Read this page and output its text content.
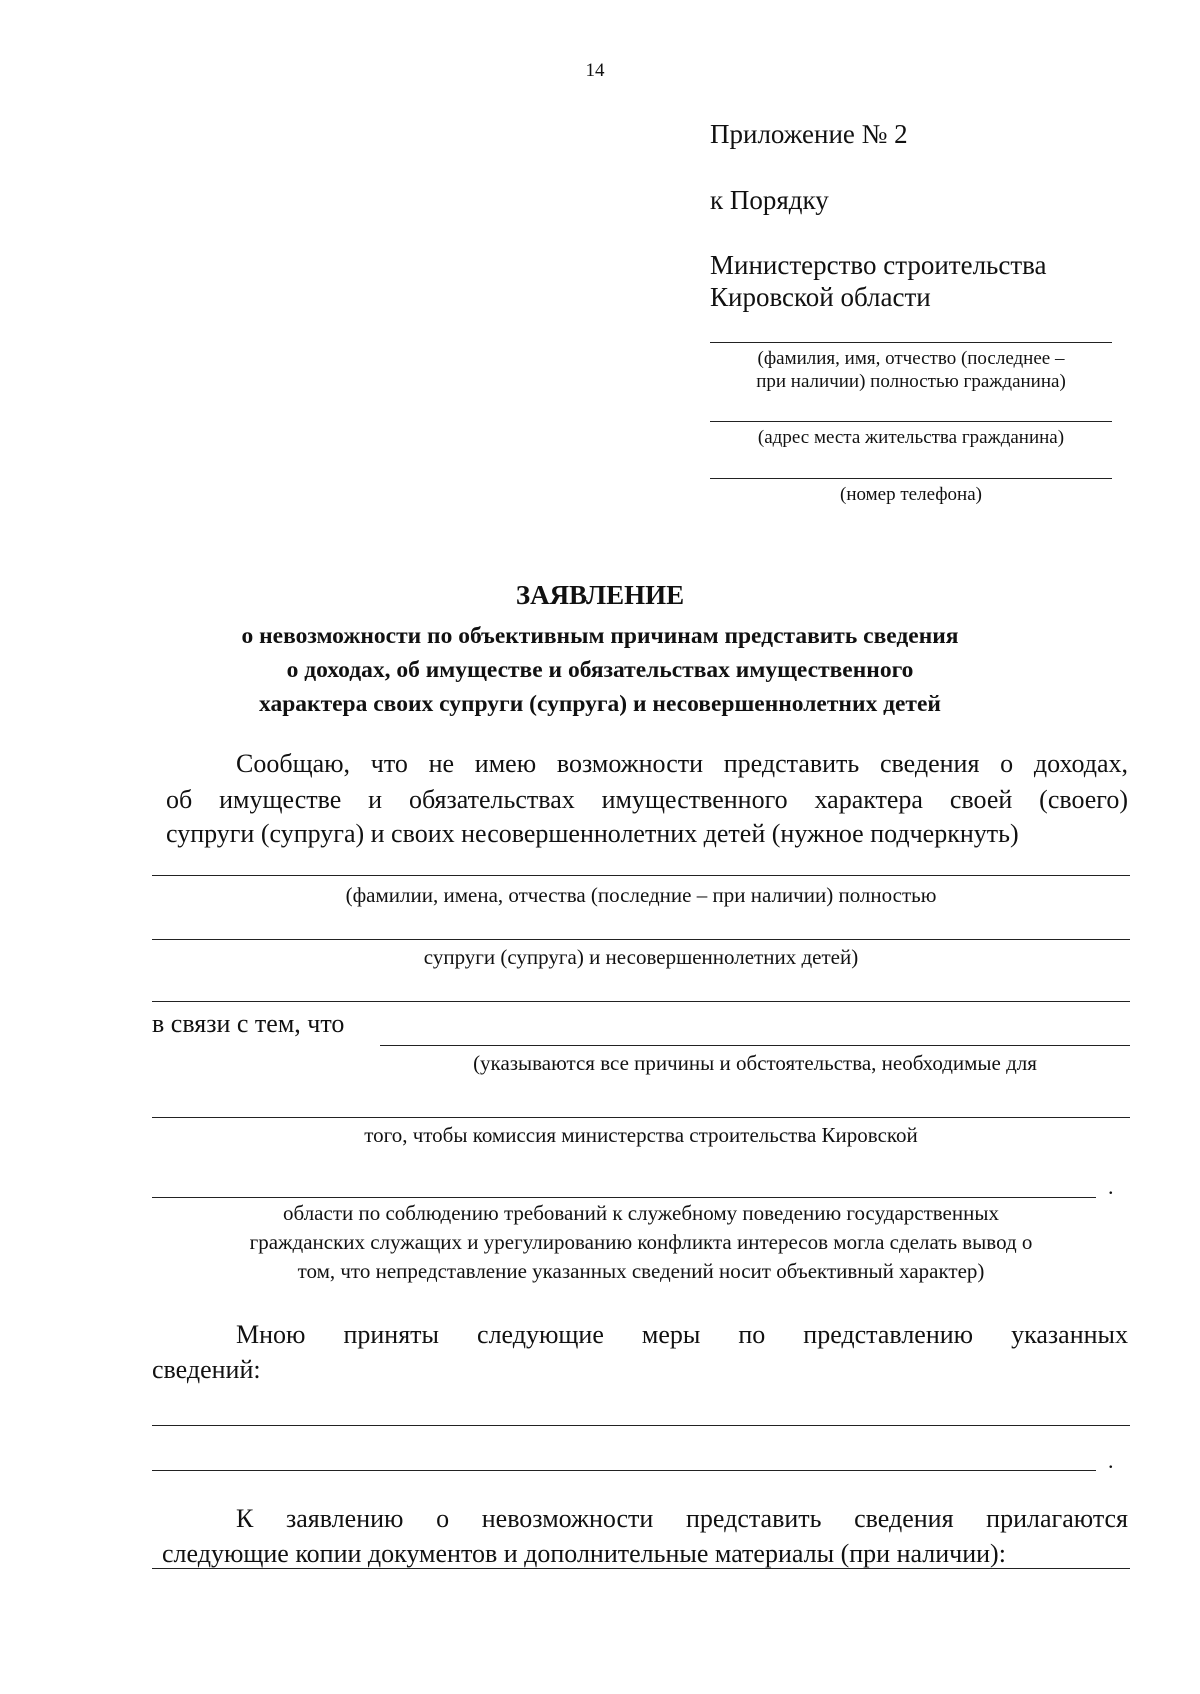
14
Приложение № 2
к Порядку
Министерство строительства
Кировской области
(фамилия, имя, отчество (последнее –
при наличии) полностью гражданина)
(адрес места жительства гражданина)
(номер телефона)
ЗАЯВЛЕНИЕ
о невозможности по объективным причинам представить сведения
о доходах, об имуществе и обязательствах имущественного
характера своих супруги (супруга) и несовершеннолетних детей
Сообщаю, что не имею возможности представить сведения о доходах,
об имуществе и обязательствах имущественного характера своей (своего)
супруги (супруга) и своих несовершеннолетних детей (нужное подчеркнуть)
(фамилии, имена, отчества (последние – при наличии) полностью
супруги (супруга) и несовершеннолетних детей)
в связи с тем, что
(указываются все причины и обстоятельства, необходимые для
того, чтобы комиссия министерства строительства Кировской
.
области по соблюдению требований к служебному поведению государственных
гражданских служащих и урегулированию конфликта интересов могла сделать вывод о
том, что непредставление указанных сведений носит объективный характер)
Мною приняты следующие меры по представлению указанных
сведений:
.
К заявлению о невозможности представить сведения прилагаются
следующие копии документов и дополнительные материалы (при наличии):
